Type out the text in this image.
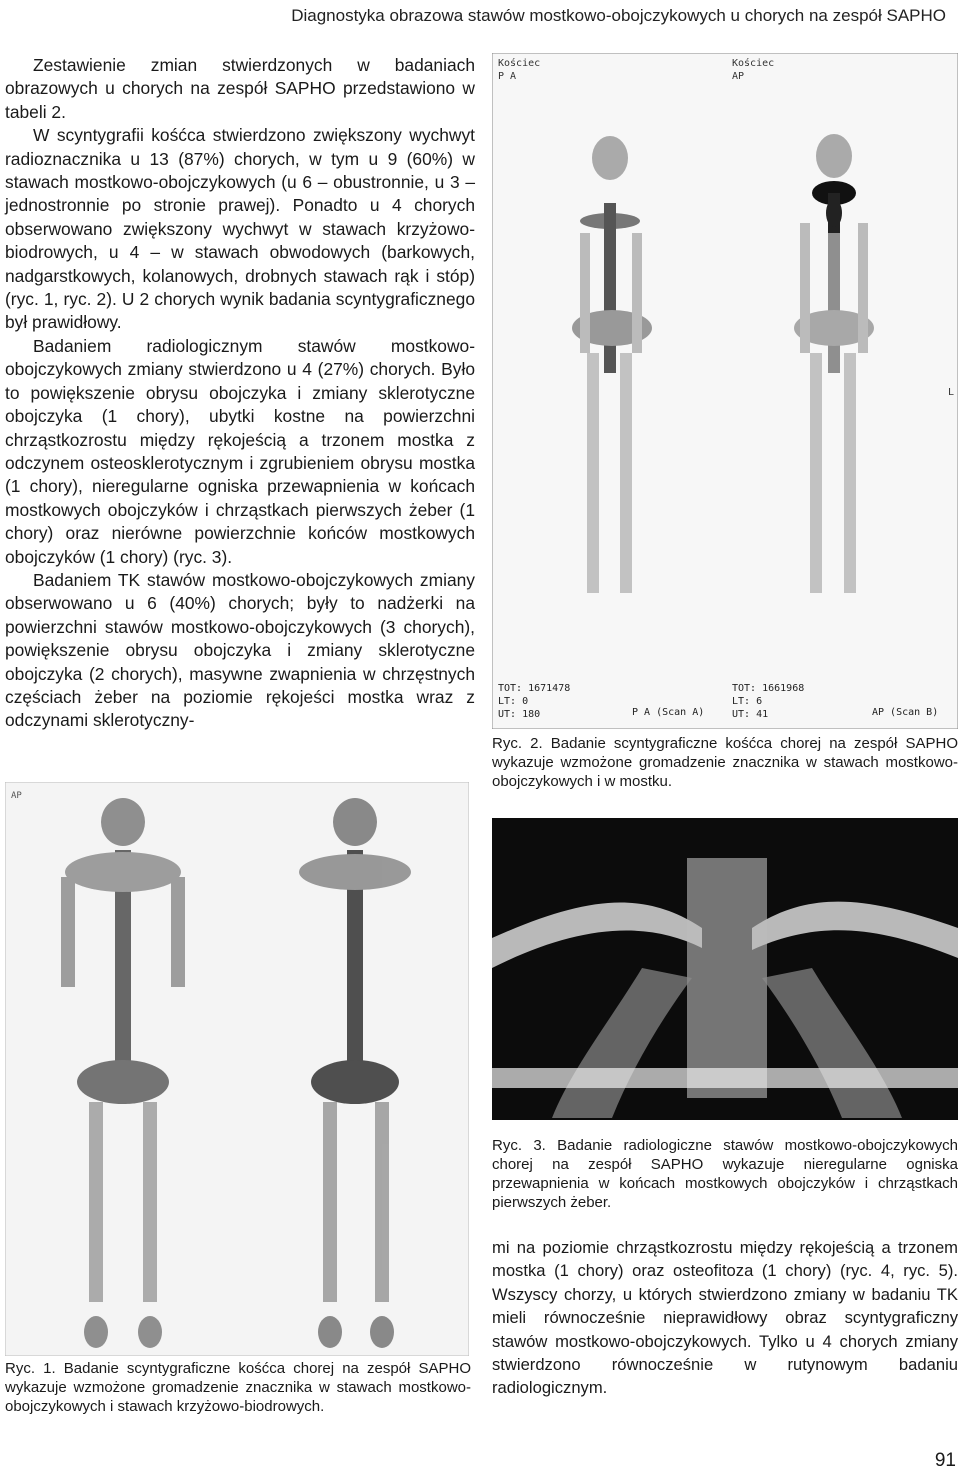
Diagnostyka obrazowa stawów mostkowo-obojczykowych u chorych na zespół SAPHO

Zestawienie zmian stwierdzonych w badaniach obrazowych u chorych na zespół SAPHO przedstawiono w tabeli 2.

W scyntygrafii kośćca stwierdzono zwiększony wychwyt radioznacznika u 13 (87%) chorych, w tym u 9 (60%) w stawach mostkowo-obojczykowych (u 6 – obustronnie, u 3 – jednostronnie po stronie prawej). Ponadto u 4 chorych obserwowano zwiększony wychwyt w stawach krzyżowo-biodrowych, u 4 – w stawach obwodowych (barkowych, nadgarstkowych, kolanowych, drobnych stawach rąk i stóp) (ryc. 1, ryc. 2). U 2 chorych wynik badania scyntygraficznego był prawidłowy.

Badaniem radiologicznym stawów mostkowo-obojczykowych zmiany stwierdzono u 4 (27%) chorych. Było to powiększenie obrysu obojczyka i zmiany sklerotyczne obojczyka (1 chory), ubytki kostne na powierzchni chrząstkozrostu między rękojeścią a trzonem mostka z odczynem osteosklerotycznym i zgrubieniem obrysu mostka (1 chory), nieregularne ogniska przewapnienia w końcach mostkowych obojczyków i chrząstkach pierwszych żeber (1 chory) oraz nierówne powierzchnie końców mostkowych obojczyków (1 chory) (ryc. 3).

Badaniem TK stawów mostkowo-obojczykowych zmiany obserwowano u 6 (40%) chorych; były to nadżerki na powierzchni stawów mostkowo-obojczykowych (3 chorych), powiększenie obrysu obojczyka i zmiany sklerotyczne obojczyka (2 chorych), masywne zwapnienia w chrzęstnych częściach żeber na poziomie rękojeści mostka wraz z odczynami sklerotyczny-

AP
Ryc. 1. Badanie scyntygraficzne kośćca chorej na zespół SAPHO wykazuje wzmożone gromadzenie znacznika w stawach mostkowo-obojczykowych i stawach krzyżowo-biodrowych.
Kościec
P A
Kościec
AP
L
TOT: 1671478
LT: 0
UT: 180	P A (Scan A)
TOT: 1661968
LT: 6
UT: 41	AP (Scan B)
Ryc. 2. Badanie scyntygraficzne kośćca chorej na zespół SAPHO wykazuje wzmożone gromadzenie znacznika w stawach mostkowo-obojczykowych i w mostku.
Ryc. 3. Badanie radiologiczne stawów mostkowo-obojczykowych chorej na zespół SAPHO wykazuje nieregularne ogniska przewapnienia w końcach mostkowych obojczyków i chrząstkach pierwszych żeber.
mi na poziomie chrząstkozrostu między rękojeścią a trzonem mostka (1 chory) oraz osteofitoza (1 chory) (ryc. 4, ryc. 5). Wszyscy chorzy, u których stwierdzono zmiany w badaniu TK mieli równocześnie nieprawidłowy obraz scyntygraficzny stawów mostkowo-obojczykowych. Tylko u 4 chorych zmiany stwierdzono równocześnie w rutynowym badaniu radiologicznym.
91
